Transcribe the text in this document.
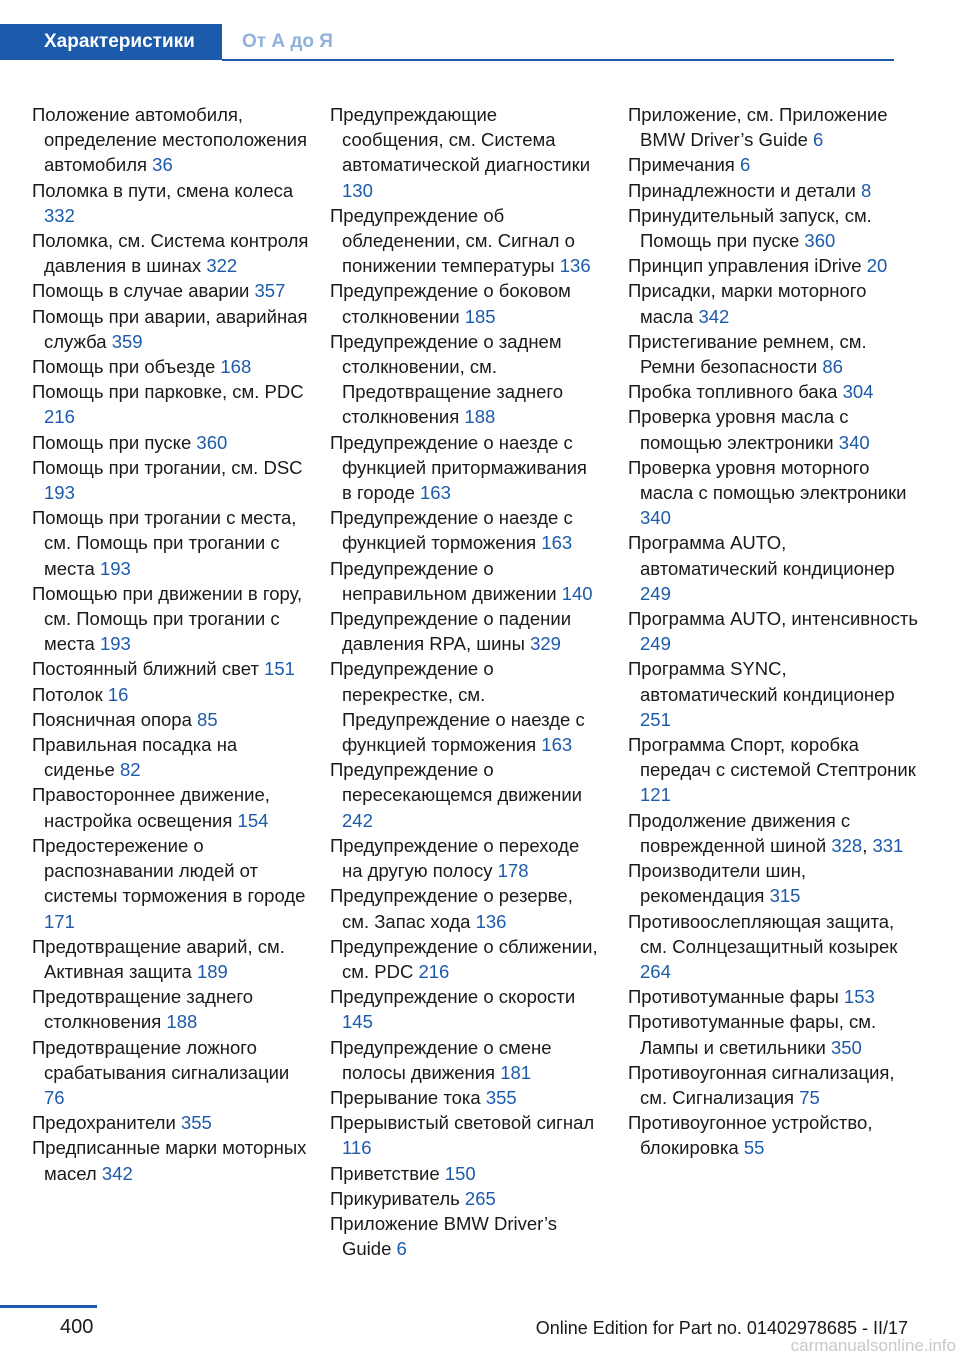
Характеристики	От А до Я

Положение автомобиля, определение местоположения автомобиля 36

Поломка в пути, смена колеса 332

Поломка, см. Система контроля давления в шинах 322

Помощь в случае аварии 357

Помощь при аварии, аварийная служба 359

Помощь при объезде 168

Помощь при парковке, см. PDC 216

Помощь при пуске 360

Помощь при трогании, см. DSC 193

Помощь при трогании с места, см. Помощь при трогании с места 193

Помощью при движении в гору, см. Помощь при трогании с места 193

Постоянный ближний свет 151

Потолок 16

Поясничная опора 85

Правильная посадка на сиденье 82

Правостороннее движение, настройка освещения 154

Предостережение о распознавании людей от системы торможения в городе 171

Предотвращение аварий, см. Активная защита 189

Предотвращение заднего столкновения 188

Предотвращение ложного срабатывания сигнализации 76

Предохранители 355

Предписанные марки моторных масел 342

Предупреждающие сообщения, см. Система автоматической диагностики 130

Предупреждение об обледенении, см. Сигнал о понижении температуры 136

Предупреждение о боковом столкновении 185

Предупреждение о заднем столкновении, см. Предотвращение заднего столкновения 188

Предупреждение о наезде с функцией притормаживания в городе 163

Предупреждение о наезде с функцией торможения 163

Предупреждение о неправильном движении 140

Предупреждение о падении давления RPA, шины 329

Предупреждение о перекрестке, см. Предупреждение о наезде с функцией торможения 163

Предупреждение о пересекающемся движении 242

Предупреждение о переходе на другую полосу 178

Предупреждение о резерве, см. Запас хода 136

Предупреждение о сближении, см. PDC 216

Предупреждение о скорости 145

Предупреждение о смене полосы движения 181

Прерывание тока 355

Прерывистый световой сигнал 116

Приветствие 150

Прикуриватель 265

Приложение BMW Driver’s Guide 6

Приложение, см. Приложение BMW Driver’s Guide 6

Примечания 6

Принадлежности и детали 8

Принудительный запуск, см. Помощь при пуске 360

Принцип управления iDrive 20

Присадки, марки моторного масла 342

Пристегивание ремнем, см. Ремни безопасности 86

Пробка топливного бака 304

Проверка уровня масла с помощью электроники 340

Проверка уровня моторного масла с помощью электроники 340

Программа AUTO, автоматический кондиционер 249

Программа AUTO, интенсивность 249

Программа SYNC, автоматический кондиционер 251

Программа Спорт, коробка передач с системой Стептроник 121

Продолжение движения с поврежденной шиной 328, 331

Производители шин, рекомендация 315

Противоослепляющая защита, см. Солнцезащитный козырек 264

Противотуманные фары 153

Противотуманные фары, см. Лампы и светильники 350

Противоугонная сигнализация, см. Сигнализация 75

Противоугонное устройство, блокировка 55

400	Online Edition for Part no. 01402978685 - II/17
carmanualsonline.info
